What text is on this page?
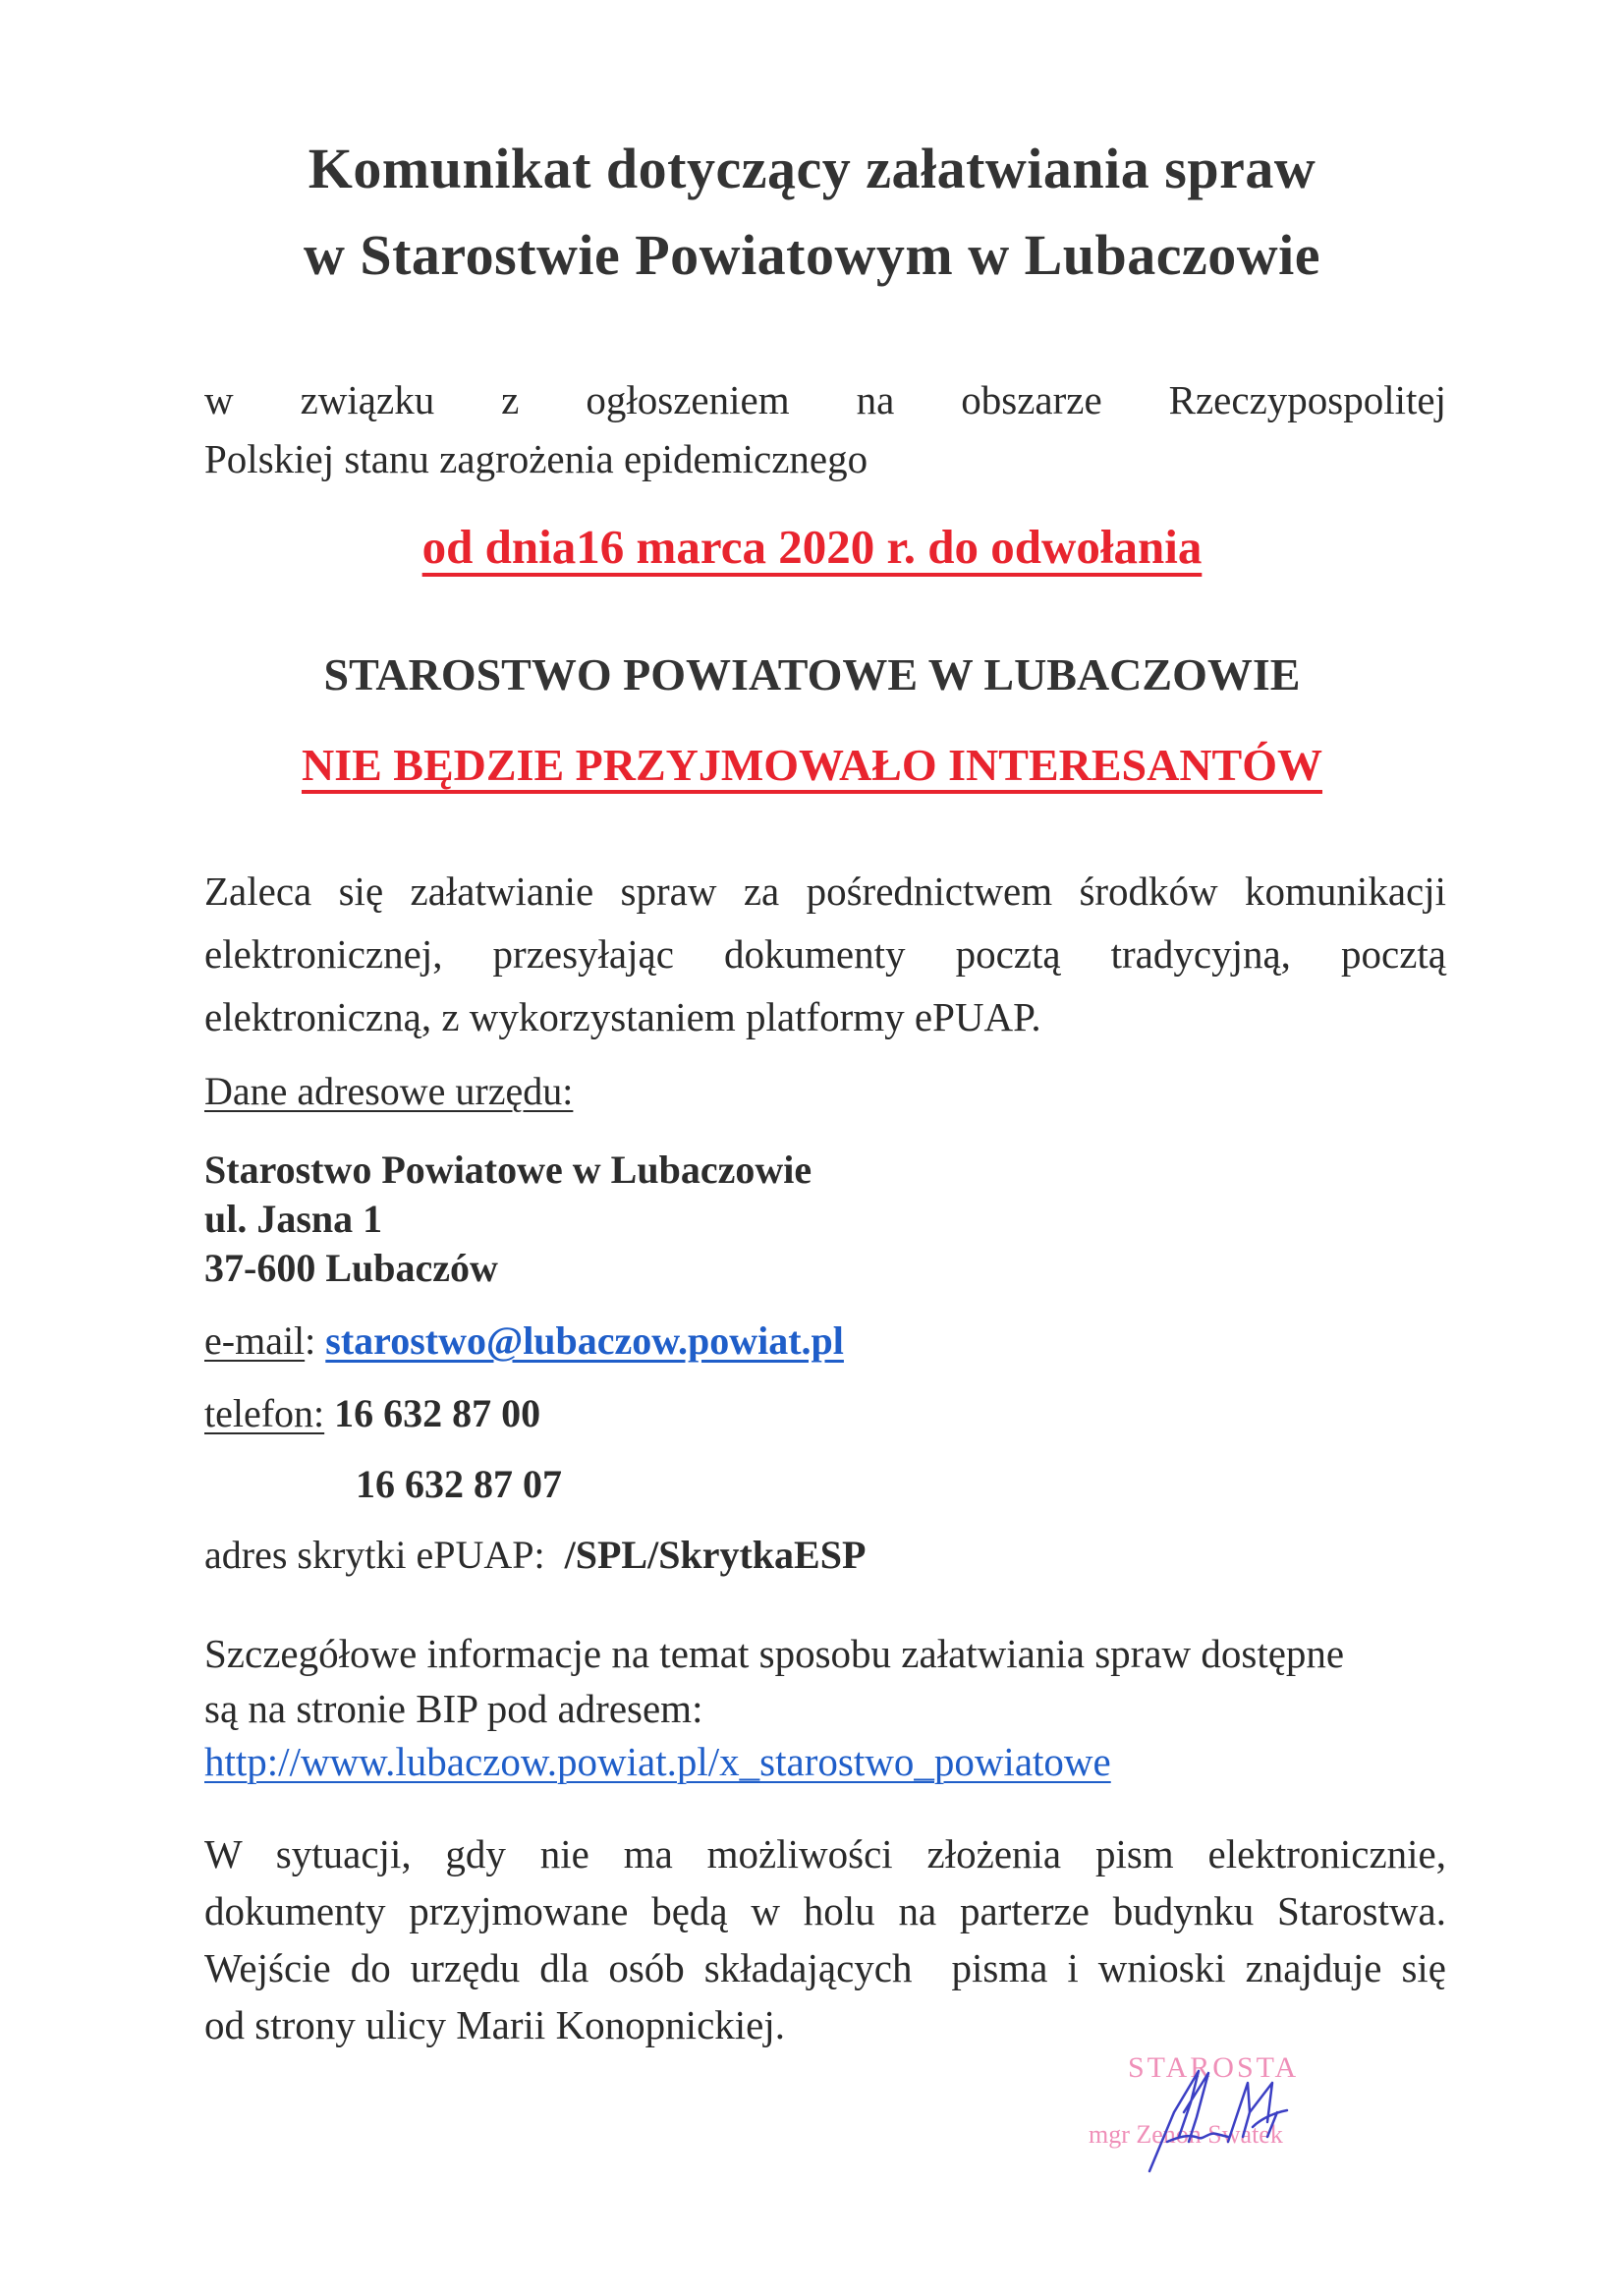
Komunikat dotyczący załatwiania spraw
w Starostwie Powiatowym w Lubaczowie
w związku z ogłoszeniem na obszarze Rzeczypospolitej
Polskiej stanu zagrożenia epidemicznego
od dnia16 marca 2020 r. do odwołania
STAROSTWO POWIATOWE W LUBACZOWIE
NIE BĘDZIE PRZYJMOWAŁO INTERESANTÓW
Zaleca się załatwianie spraw za pośrednictwem środków komunikacji
elektronicznej, przesyłając dokumenty pocztą tradycyjną, pocztą
elektroniczną, z wykorzystaniem platformy ePUAP.
Dane adresowe urzędu:
Starostwo Powiatowe w Lubaczowie
ul. Jasna 1
37-600 Lubaczów
e-mail: starostwo@lubaczow.powiat.pl
telefon: 16 632 87 00
16 632 87 07
adres skrytki ePUAP: /SPL/SkrytkaESP
Szczegółowe informacje na temat sposobu załatwiania spraw dostępne
są na stronie BIP pod adresem:
http://www.lubaczow.powiat.pl/x_starostwo_powiatowe
W sytuacji, gdy nie ma możliwości złożenia pism elektronicznie,
dokumenty przyjmowane będą w holu na parterze budynku Starostwa.
Wejście do urzędu dla osób składających  pisma i wnioski znajduje się
od strony ulicy Marii Konopnickiej.
STAROSTA
mgr Zenon Swatek
